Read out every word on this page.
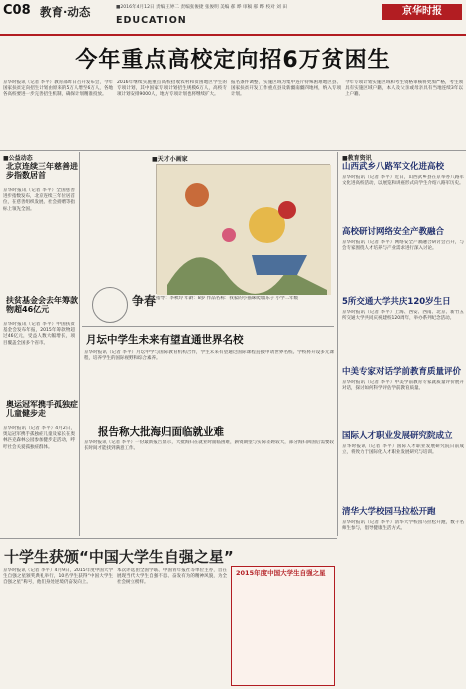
C08 教育·动态	■2016年4月12日 责编王婷二 责编张俊捷 张俊明 美编 郝 晔 审稿 郝 晔 校对 刘 田
EDUCATION
京华时报
今年重点高校定向招6万贫困生
京华时报讯（记者 李平）教育部昨日召开发布会，今年国家扶贫定向招生计划由原来的5万人增至6万人，各地各高校要进一步完善招生机制，确保计划精准投放。
2016年继续实施重点高校招收农村和贫困地区学生的专项计划，其中国家专项计划招生规模6万人，高校专项计划安排9000人，地方专项计划也将继续扩大。
报名条件调整，实施区域为集中连片特殊困难地区县、国家扶贫开发工作重点县及新疆南疆四地州，纳入专项计划。
今年专项计划实施区域和考生资格审核将更加严格，考生须具有实施区域户籍，本人及父亲或母亲具有当地连续3年以上户籍。
■公益动态
北京连续三年慈善进步指数居首
京华时报讯（记者 李平）全国慈善进步指数发布，北京连续三年位居首位，在慈善组织发展、社会捐赠等指标上领先全国。
扶贫基金会去年筹款物超46亿元
京华时报讯（记者 李平）中国扶贫基金会发布年报，2015年筹款物超过46亿元，受益人数大幅增长，项目覆盖全国多个省市。
奥运冠军携手孤独症儿童健步走
京华时报讯（记者 李平）4月2日，奥运冠军携手孤独症儿童及家长在奥林匹克森林公园参加健步走活动，呼吁社会关爱孤独症群体。
■天才小画家
争春 指导：李秋玲 年龄：8岁 作品名称：我家的小猫咪爬墙乐子 小学二年级
月坛中学生未来有望直通世界名校
京华时报讯（记者 李平）月坛中学与国际教育机构合作，学生未来有望通过国际课程直接申请世界名校。学校将开设多元课程，培养学生的国际视野和综合素养。
报告称大批海归面临就业难
京华时报讯（记者 李平）一份最新报告显示，大批海归在就业时面临困难，薪资期望与实际差距较大，部分海归回国后需要较长时间才能找到满意工作。
■教育资讯
山西武乡八路军文化进高校
京华时报讯（记者 李平）近日，山西武乡县在京举办八路军文化进高校活动，以展览和讲座形式向学生介绍八路军历史。
高校研讨网络安全产教融合
京华时报讯（记者 李平）网络安全产教融合研讨会召开，与会专家围绕人才培养与产业需求进行深入讨论。
5所交通大学共庆120岁生日
京华时报讯（记者 李平）上海、西安、西南、北京、新竹五所交通大学共同庆祝建校120周年，举办系列纪念活动。
中美专家对话学前教育质量评价
京华时报讯（记者 李平）中美学前教育专家就质量评价展开对话，探讨如何科学评估学前教育质量。
国际人才职业发展研究院成立
京华时报讯（记者 李平）国际人才职业发展研究院日前成立，将致力于国际化人才职业发展研究与培训。
清华大学校园马拉松开跑
京华时报讯（记者 李平）清华大学校园马拉松开跑，数千名师生参与，倡导健康生活方式。
十学生获颁“中国大学生自强之星”
京华时报讯（记者 李平）4月9日，2015年度中国大学生自强之星颁奖典礼举行，10名学生获得“中国大学生自强之星”称号，他们身处逆境仍奋发向上。
本次评选由全国学联、中国青年报社等单位主办，旨在展现当代大学生自强不息、奋发有为的精神风貌，为全社会树立榜样。
2015年度中国大学生自强之星
